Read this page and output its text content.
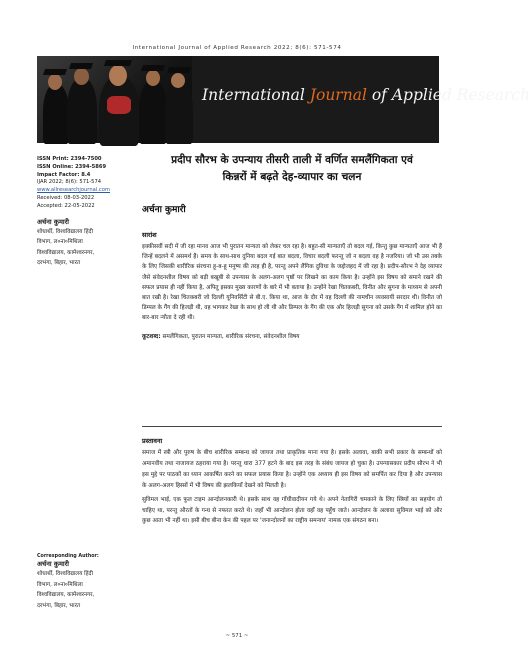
International Journal of Applied Research 2022; 8(6): 571-574
International Journal of Applied Research
ISSN Print: 2394-7500
ISSN Online: 2394-5869
Impact Factor: 8.4
IJAR 2022; 8(6): 571-574
www.allresearchjournal.com
Received: 08-03-2022
Accepted: 22-05-2022
अर्चना कुमारी
शोधार्थी, विश्वविद्यालय हिंदी
विभाग, ल०ना०मिथिला
विश्वविद्यालय, कामेश्वरनगर,
दरभंगा, बिहार, भारत
Corresponding Author:
अर्चना कुमारी
शोधार्थी, विश्वविद्यालय हिंदी
विभाग, ल०ना०मिथिला
विश्वविद्यालय, कामेश्वरनगर,
दरभंगा, बिहार, भारत
प्रदीप सौरभ के उपन्याय तीसरी ताली में वर्णित समलैंगिकता एवं
किन्नरों में बढ़ते देह-व्यापार का चलन
अर्चना कुमारी
सारांश
इक्कीसवीं सदी में जी रहा मानव आज भी पुरातन मान्यता को लेकर चल रहा है। बहुत-सी मान्यताएँ तो बदल गई, किन्तु कुछ मान्यताएँ आज भी हैं जिन्हें बदलने में असमर्थ हैं। समय के साथ-साथ दुनिया बदल गई बात बदला, विचार बदली फरन्तु जो न बदला वह है नजरिया। जो भी उस तबके के लिए जिसकी शारीरिक संरचना हू-ब-हू मनुष्य की तरह ही है, परन्तु अपने लैंगिक दुविधा के जद्दोजहद में जी रहा है। प्रदीप-सौरभ ने देह व्यापार जैसे संवेदनशील विषय को बड़ी बखूबी से उपन्यास के अलग-अलग पृष्ठों पर लिखने का काम किया है। उन्होंने इस विषय को समाने रखने की सफल प्रयास ही नहीं किया है, अपितु इसका मुख्य कारणों के बारे में भी बताया है। उन्होंने रेखा चितकबरी, विनीत और सुगना के माध्यम से अपनी बात रखी है। रेखा चितकबरी जो दिल्ली यूनिवर्सिटी से बी.ए. किया था, आज के दौर में वह दिल्ली की नामचीन व्यवसायी सरदार थी। विनीत जो डिम्पल के गैंग की हिजड़ी थी, वह भागकर रेखा के साथ हो ली थी और डिम्पल के गैंग की एक और हिजड़ी सुगना को उसके गैंग में शामिल होने का बार-बार न्यौता दे रही थी।
कूटशब्द: समलैंगिकता, पुरातन मान्यता, शारीरिक संरचना, संवेदनशील विषय
प्रस्तावना
समाज में स्त्री और पुरुष के बीच शारीरिक सम्बन्ध को जायज तथा प्राकृतिक माना गया है। इसके अलावा, बाकी सभी प्रकार के सम्बन्धों को अमानवीय तथा नाजायज ठहराया गया है। परन्तु धारा 377 हटने के बाद इस तरह के संबंध जायज हो चुका है। उपन्यासकार प्रदीप सौरभ ने भी इस मुद्दे पर पाठकों का ध्यान आकर्षित करने का सफल प्रयास किया है। उन्होंने एक अध्याय ही इस विषय को समर्पित कर दिया है और उपन्यास के अलग-अलग हिस्सों में भी विषय की झलकियाँ देखने को मिलती है।
सुविमल भाई, एक फुल टाइम आन्दोलनकारी थे। इसके साथ वह गाँधीवादीयन गये थे। अपने नेतागिरी चमकाने के लिए स्त्रियों का सहयोग तो चाहिए था, परन्तु औरतों के गन्ध से नफरत करते थे। जहाँ भी आन्दोलन होता वहाँ वह पहुँच जाते। आन्दोलन के अलावा सुविमल भाई को और कुछ आता भी नहीं था। इसी बीच बीना केन की पहल पर 'जनान्दोलनों का राष्ट्रीय समन्वय' नामक एक संगठन बना।
~ 571 ~
